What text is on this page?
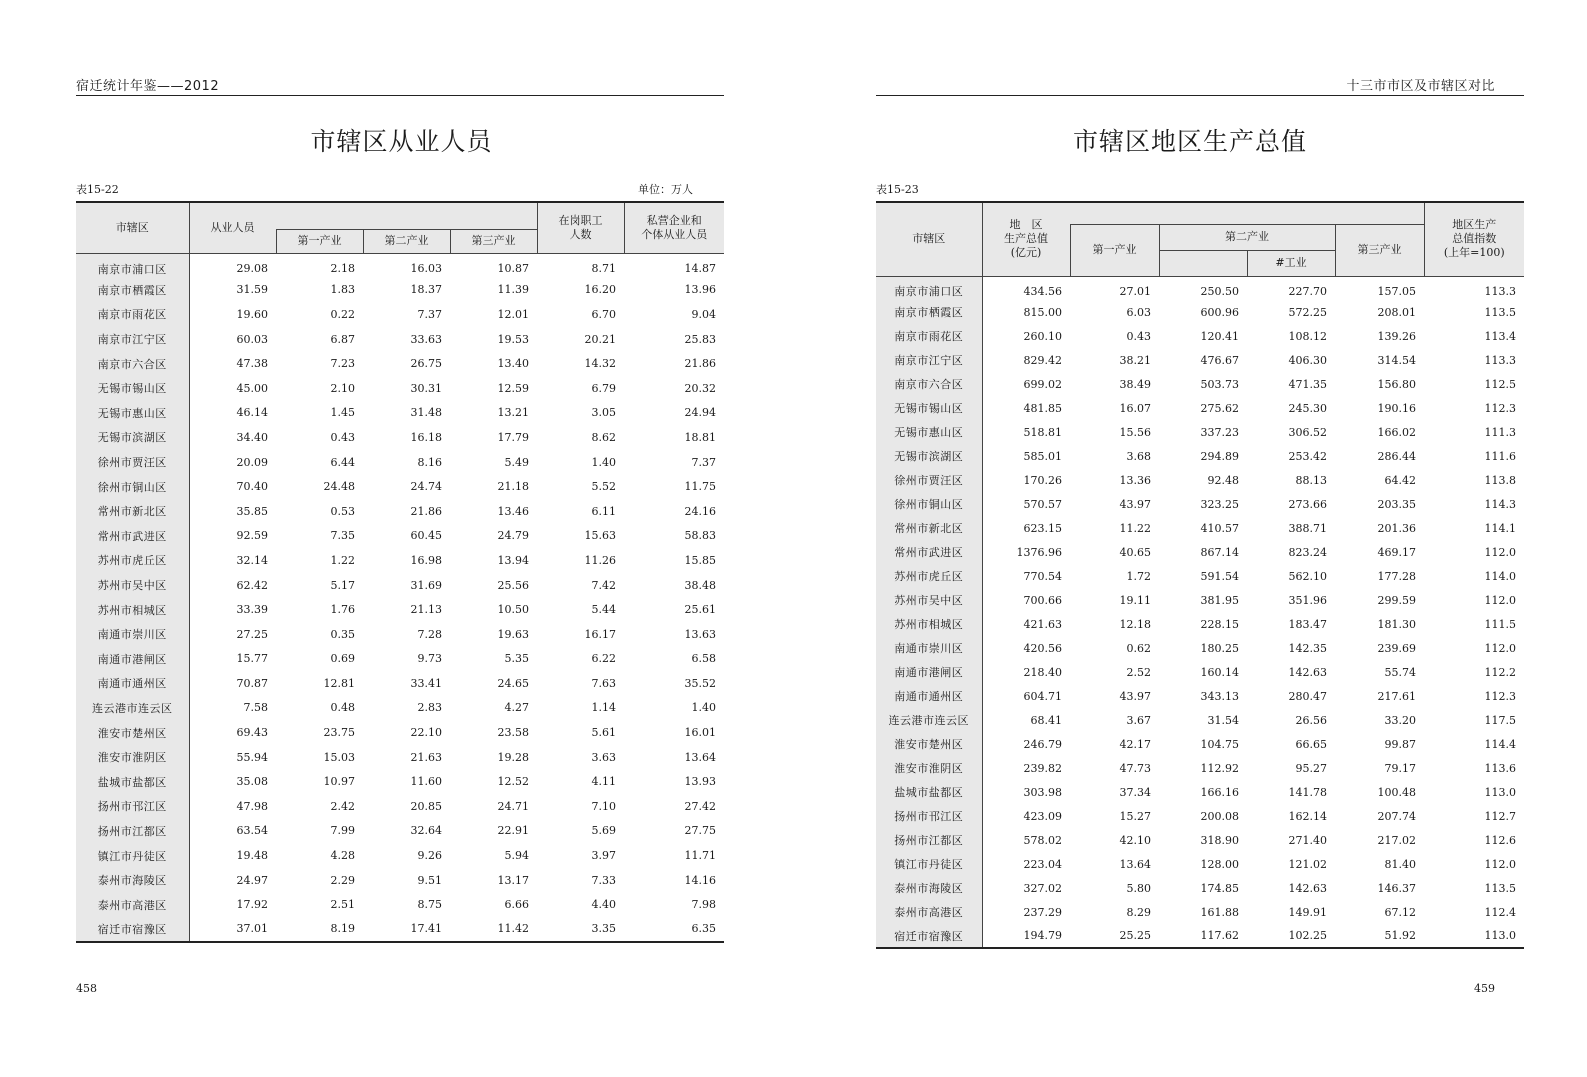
宿迁统计年鉴——2012
市辖区从业人员
表15-22	单位：万人
市辖区	从业人员				在岗职工
人数	私营企业和
个体从业人员
		第一产业	第二产业	第三产业		
南京市浦口区	29.08	2.18	16.03	10.87	8.71	14.87
南京市栖霞区	31.59	1.83	18.37	11.39	16.20	13.96
南京市雨花区	19.60	0.22	7.37	12.01	6.70	9.04
南京市江宁区	60.03	6.87	33.63	19.53	20.21	25.83
南京市六合区	47.38	7.23	26.75	13.40	14.32	21.86
无锡市锡山区	45.00	2.10	30.31	12.59	6.79	20.32
无锡市惠山区	46.14	1.45	31.48	13.21	3.05	24.94
无锡市滨湖区	34.40	0.43	16.18	17.79	8.62	18.81
徐州市贾汪区	20.09	6.44	8.16	5.49	1.40	7.37
徐州市铜山区	70.40	24.48	24.74	21.18	5.52	11.75
常州市新北区	35.85	0.53	21.86	13.46	6.11	24.16
常州市武进区	92.59	7.35	60.45	24.79	15.63	58.83
苏州市虎丘区	32.14	1.22	16.98	13.94	11.26	15.85
苏州市吴中区	62.42	5.17	31.69	25.56	7.42	38.48
苏州市相城区	33.39	1.76	21.13	10.50	5.44	25.61
南通市崇川区	27.25	0.35	7.28	19.63	16.17	13.63
南通市港闸区	15.77	0.69	9.73	5.35	6.22	6.58
南通市通州区	70.87	12.81	33.41	24.65	7.63	35.52
连云港市连云区	7.58	0.48	2.83	4.27	1.14	1.40
淮安市楚州区	69.43	23.75	22.10	23.58	5.61	16.01
淮安市淮阴区	55.94	15.03	21.63	19.28	3.63	13.64
盐城市盐都区	35.08	10.97	11.60	12.52	4.11	13.93
扬州市邗江区	47.98	2.42	20.85	24.71	7.10	27.42
扬州市江都区	63.54	7.99	32.64	22.91	5.69	27.75
镇江市丹徒区	19.48	4.28	9.26	5.94	3.97	11.71
泰州市海陵区	24.97	2.29	9.51	13.17	7.33	14.16
泰州市高港区	17.92	2.51	8.75	6.66	4.40	7.98
宿迁市宿豫区	37.01	8.19	17.41	11.42	3.35	6.35
458
十三市市区及市辖区对比
市辖区地区生产总值
表15-23
市辖区	地　区
生产总值
(亿元)					地区生产
总值指数
(上年=100)
		第一产业	第二产业		第三产业	
				#工业		
南京市浦口区	434.56	27.01	250.50	227.70	157.05	113.3
南京市栖霞区	815.00	6.03	600.96	572.25	208.01	113.5
南京市雨花区	260.10	0.43	120.41	108.12	139.26	113.4
南京市江宁区	829.42	38.21	476.67	406.30	314.54	113.3
南京市六合区	699.02	38.49	503.73	471.35	156.80	112.5
无锡市锡山区	481.85	16.07	275.62	245.30	190.16	112.3
无锡市惠山区	518.81	15.56	337.23	306.52	166.02	111.3
无锡市滨湖区	585.01	3.68	294.89	253.42	286.44	111.6
徐州市贾汪区	170.26	13.36	92.48	88.13	64.42	113.8
徐州市铜山区	570.57	43.97	323.25	273.66	203.35	114.3
常州市新北区	623.15	11.22	410.57	388.71	201.36	114.1
常州市武进区	1376.96	40.65	867.14	823.24	469.17	112.0
苏州市虎丘区	770.54	1.72	591.54	562.10	177.28	114.0
苏州市吴中区	700.66	19.11	381.95	351.96	299.59	112.0
苏州市相城区	421.63	12.18	228.15	183.47	181.30	111.5
南通市崇川区	420.56	0.62	180.25	142.35	239.69	112.0
南通市港闸区	218.40	2.52	160.14	142.63	55.74	112.2
南通市通州区	604.71	43.97	343.13	280.47	217.61	112.3
连云港市连云区	68.41	3.67	31.54	26.56	33.20	117.5
淮安市楚州区	246.79	42.17	104.75	66.65	99.87	114.4
淮安市淮阴区	239.82	47.73	112.92	95.27	79.17	113.6
盐城市盐都区	303.98	37.34	166.16	141.78	100.48	113.0
扬州市邗江区	423.09	15.27	200.08	162.14	207.74	112.7
扬州市江都区	578.02	42.10	318.90	271.40	217.02	112.6
镇江市丹徒区	223.04	13.64	128.00	121.02	81.40	112.0
泰州市海陵区	327.02	5.80	174.85	142.63	146.37	113.5
泰州市高港区	237.29	8.29	161.88	149.91	67.12	112.4
宿迁市宿豫区	194.79	25.25	117.62	102.25	51.92	113.0
459
